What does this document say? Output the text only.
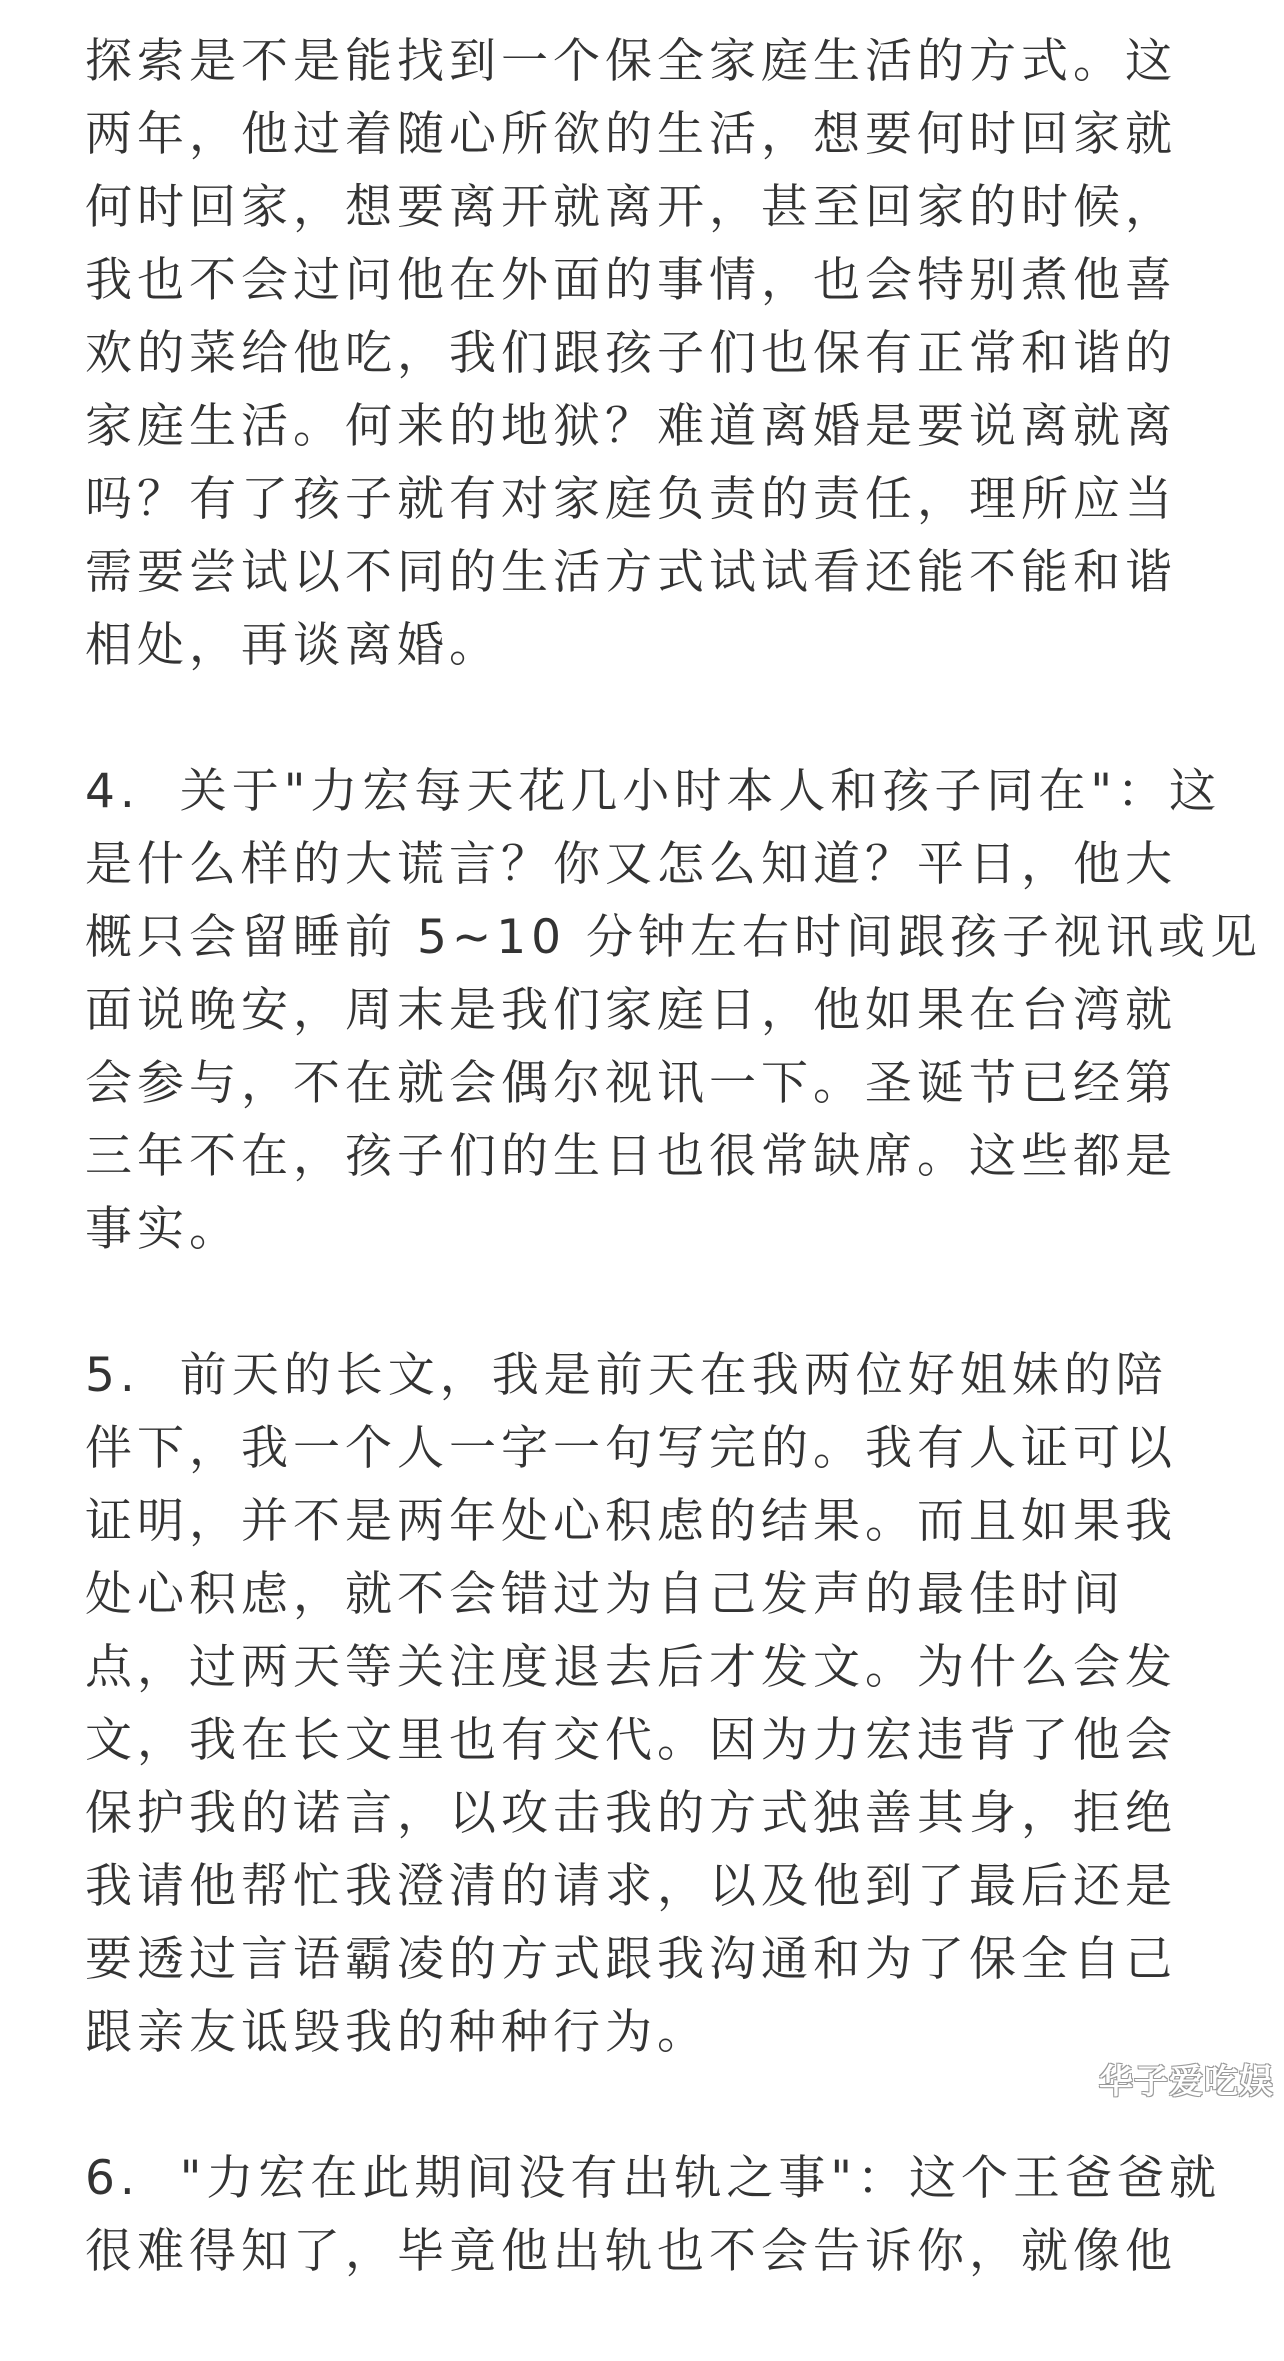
探索是不是能找到一个保全家庭生活的方式。这
两年，他过着随心所欲的生活，想要何时回家就
何时回家，想要离开就离开，甚至回家的时候，
我也不会过问他在外面的事情，也会特别煮他喜
欢的菜给他吃，我们跟孩子们也保有正常和谐的
家庭生活。何来的地狱？难道离婚是要说离就离
吗？有了孩子就有对家庭负责的责任，理所应当
需要尝试以不同的生活方式试试看还能不能和谐
相处，再谈离婚。
4.  关于"力宏每天花几小时本人和孩子同在"：这
是什么样的大谎言？你又怎么知道？平日，他大
概只会留睡前 5~10 分钟左右时间跟孩子视讯或见
面说晚安，周末是我们家庭日，他如果在台湾就
会参与，不在就会偶尔视讯一下。圣诞节已经第
三年不在，孩子们的生日也很常缺席。这些都是
事实。
5.  前天的长文，我是前天在我两位好姐妹的陪
伴下，我一个人一字一句写完的。我有人证可以
证明，并不是两年处心积虑的结果。而且如果我
处心积虑，就不会错过为自己发声的最佳时间
点，过两天等关注度退去后才发文。为什么会发
文，我在长文里也有交代。因为力宏违背了他会
保护我的诺言，以攻击我的方式独善其身，拒绝
我请他帮忙我澄清的请求，以及他到了最后还是
要透过言语霸凌的方式跟我沟通和为了保全自己
跟亲友诋毁我的种种行为。
6.  "力宏在此期间没有出轨之事"：这个王爸爸就
很难得知了，毕竟他出轨也不会告诉你，就像他
华子爱吃娱
